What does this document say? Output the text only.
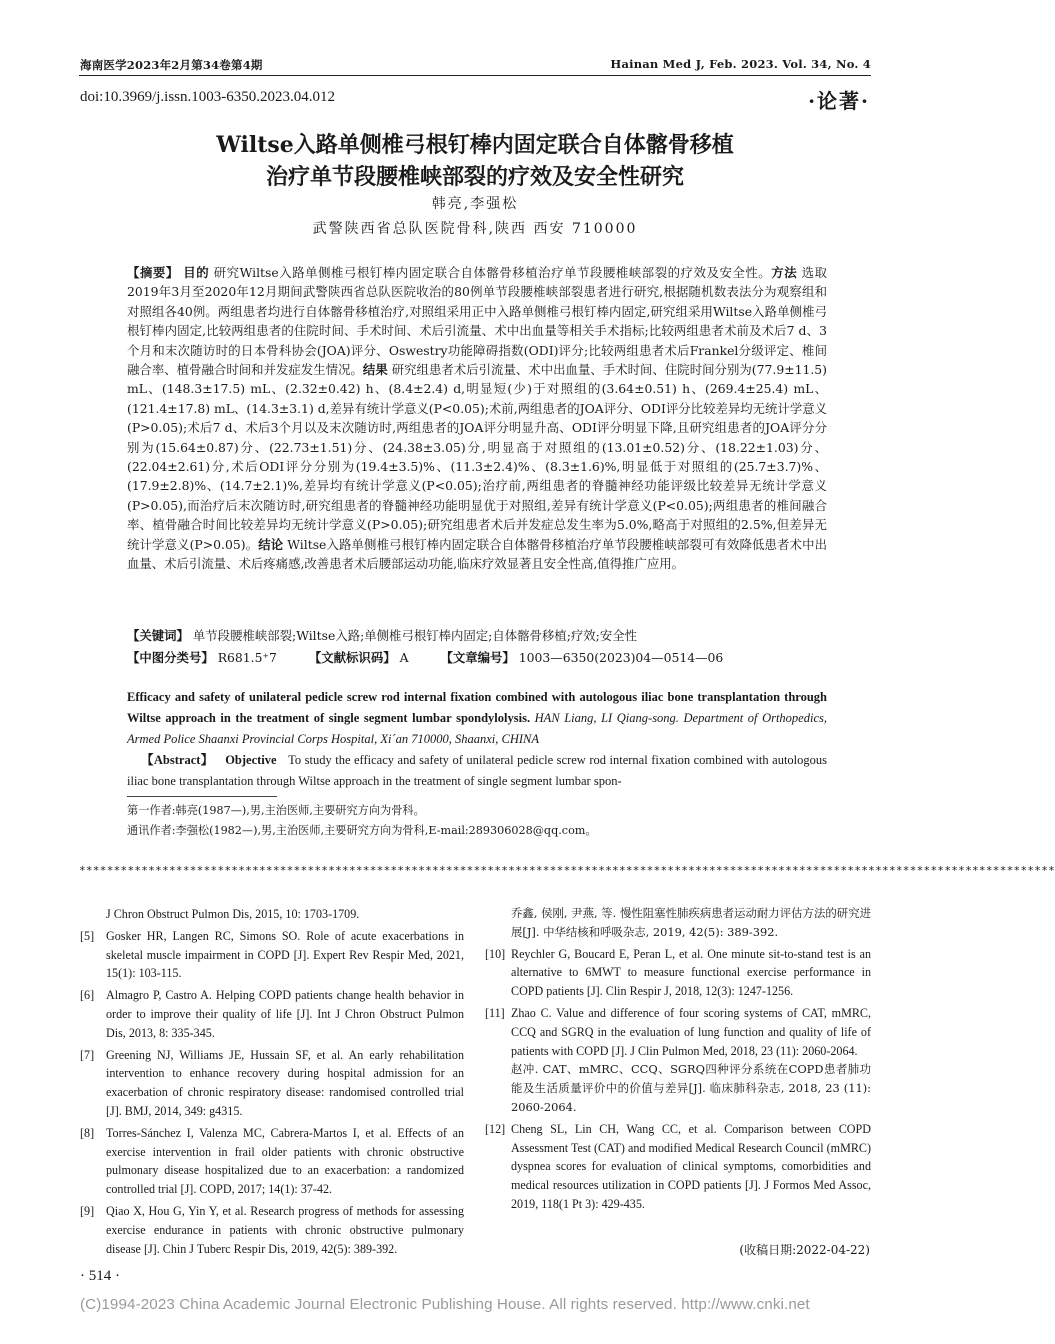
海南医学2023年2月第34卷第4期	Hainan Med J, Feb. 2023. Vol. 34, No. 4
doi:10.3969/j.issn.1003-6350.2023.04.012	·论著·
Wiltse入路单侧椎弓根钉棒内固定联合自体髂骨移植
治疗单节段腰椎峡部裂的疗效及安全性研究
韩亮,李强松
武警陕西省总队医院骨科,陕西 西安 710000

【摘要】 目的 研究Wiltse入路单侧椎弓根钉棒内固定联合自体髂骨移植治疗单节段腰椎峡部裂的疗效及安全性。方法 选取2019年3月至2020年12月期间武警陕西省总队医院收治的80例单节段腰椎峡部裂患者进行研究,根据随机数表法分为观察组和对照组各40例。两组患者均进行自体髂骨移植治疗,对照组采用正中入路单侧椎弓根钉棒内固定,研究组采用Wiltse入路单侧椎弓根钉棒内固定,比较两组患者的住院时间、手术时间、术后引流量、术中出血量等相关手术指标;比较两组患者术前及术后7 d、3个月和末次随访时的日本骨科协会(JOA)评分、Oswestry功能障碍指数(ODI)评分;比较两组患者术后Frankel分级评定、椎间融合率、植骨融合时间和并发症发生情况。结果 研究组患者术后引流量、术中出血量、手术时间、住院时间分别为(77.9±11.5) mL、(148.3±17.5) mL、(2.32±0.42) h、(8.4±2.4) d,明显短(少)于对照组的(3.64±0.51) h、(269.4±25.4) mL、(121.4±17.8) mL、(14.3±3.1) d,差异有统计学意义(P<0.05);术前,两组患者的JOA评分、ODI评分比较差异均无统计学意义(P>0.05);术后7 d、术后3个月以及末次随访时,两组患者的JOA评分明显升高、ODI评分明显下降,且研究组患者的JOA评分分别为(15.64±0.87)分、(22.73±1.51)分、(24.38±3.05)分,明显高于对照组的(13.01±0.52)分、(18.22±1.03)分、(22.04±2.61)分,术后ODI评分分别为(19.4±3.5)%、(11.3±2.4)%、(8.3±1.6)%,明显低于对照组的(25.7±3.7)%、(17.9±2.8)%、(14.7±2.1)%,差异均有统计学意义(P<0.05);治疗前,两组患者的脊髓神经功能评级比较差异无统计学意义(P>0.05),而治疗后末次随访时,研究组患者的脊髓神经功能明显优于对照组,差异有统计学意义(P<0.05);两组患者的椎间融合率、植骨融合时间比较差异均无统计学意义(P>0.05);研究组患者术后并发症总发生率为5.0%,略高于对照组的2.5%,但差异无统计学意义(P>0.05)。结论 Wiltse入路单侧椎弓根钉棒内固定联合自体髂骨移植治疗单节段腰椎峡部裂可有效降低患者术中出血量、术后引流量、术后疼痛感,改善患者术后腰部运动功能,临床疗效显著且安全性高,值得推广应用。

【关键词】 单节段腰椎峡部裂;Wiltse入路;单侧椎弓根钉棒内固定;自体髂骨移植;疗效;安全性
【中图分类号】 R681.5⁺7	【文献标识码】 A	【文章编号】 1003—6350(2023)04—0514—06
Efficacy and safety of unilateral pedicle screw rod internal fixation combined with autologous iliac bone transplantation through Wiltse approach in the treatment of single segment lumbar spondylolysis. HAN Liang, LI Qiang-song. Department of Orthopedics, Armed Police Shaanxi Provincial Corps Hospital, Xi´an 710000, Shaanxi, CHINA
【Abstract】 Objective To study the efficacy and safety of unilateral pedicle screw rod internal fixation combined with autologous iliac bone transplantation through Wiltse approach in the treatment of single segment lumbar spon-
第一作者:韩亮(1987—),男,主治医师,主要研究方向为骨科。
通讯作者:李强松(1982—),男,主治医师,主要研究方向为骨科,E-mail:289306028@qq.com。
*********************************************************************************************************************************************
J Chron Obstruct Pulmon Dis, 2015, 10: 1703-1709.
[5] Gosker HR, Langen RC, Simons SO. Role of acute exacerbations in skeletal muscle impairment in COPD [J]. Expert Rev Respir Med, 2021, 15(1): 103-115.
[6] Almagro P, Castro A. Helping COPD patients change health behavior in order to improve their quality of life [J]. Int J Chron Obstruct Pulmon Dis, 2013, 8: 335-345.
[7] Greening NJ, Williams JE, Hussain SF, et al. An early rehabilitation intervention to enhance recovery during hospital admission for an exacerbation of chronic respiratory disease: randomised controlled trial [J]. BMJ, 2014, 349: g4315.
[8] Torres-Sánchez I, Valenza MC, Cabrera-Martos I, et al. Effects of an exercise intervention in frail older patients with chronic obstructive pulmonary disease hospitalized due to an exacerbation: a randomized controlled trial [J]. COPD, 2017; 14(1): 37-42.
[9] Qiao X, Hou G, Yin Y, et al. Research progress of methods for assessing exercise endurance in patients with chronic obstructive pulmonary disease [J]. Chin J Tuberc Respir Dis, 2019, 42(5): 389-392.
乔鑫, 侯刚, 尹燕, 等. 慢性阻塞性肺疾病患者运动耐力评估方法的研究进展[J]. 中华结核和呼吸杂志, 2019, 42(5): 389-392.
[10] Reychler G, Boucard E, Peran L, et al. One minute sit-to-stand test is an alternative to 6MWT to measure functional exercise performance in COPD patients [J]. Clin Respir J, 2018, 12(3): 1247-1256.
[11] Zhao C. Value and difference of four scoring systems of CAT, mMRC, CCQ and SGRQ in the evaluation of lung function and quality of life of patients with COPD [J]. J Clin Pulmon Med, 2018, 23 (11): 2060-2064.
赵冲. CAT、mMRC、CCQ、SGRQ四种评分系统在COPD患者肺功能及生活质量评价中的价值与差异[J]. 临床肺科杂志, 2018, 23 (11): 2060-2064.
[12] Cheng SL, Lin CH, Wang CC, et al. Comparison between COPD Assessment Test (CAT) and modified Medical Research Council (mMRC) dyspnea scores for evaluation of clinical symptoms, comorbidities and medical resources utilization in COPD patients [J]. J Formos Med Assoc, 2019, 118(1 Pt 3): 429-435.
(收稿日期:2022-04-22)
· 514 ·
(C)1994-2023 China Academic Journal Electronic Publishing House. All rights reserved. http://www.cnki.net
